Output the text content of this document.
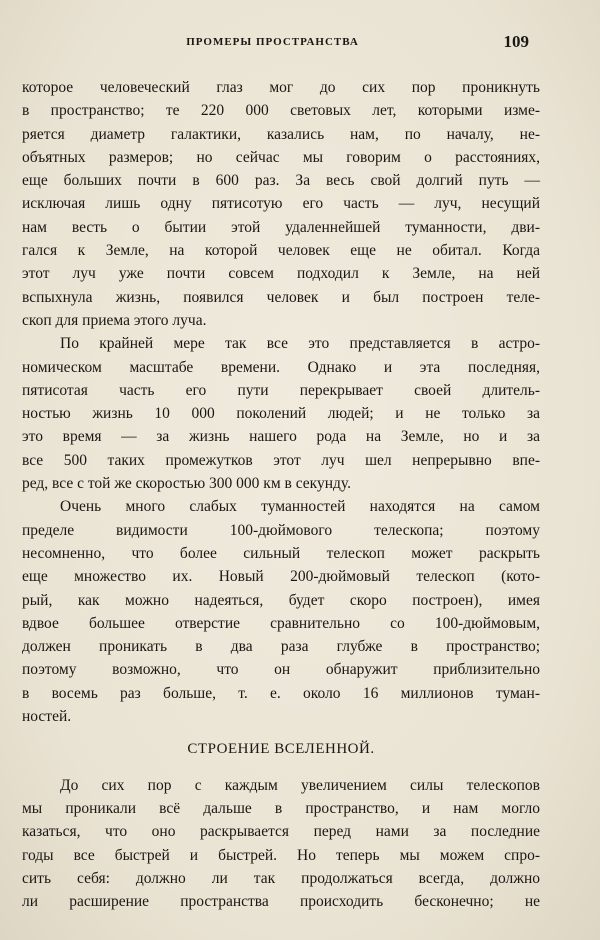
ПРОМЕРЫ ПРОСТРАНСТВА	109
которое человеческий глаз мог до сих пор проникнуть
в пространство; те 220 000 световых лет, которыми изме-
ряется диаметр галактики, казались нам, по началу, не-
объятных размеров; но сейчас мы говорим о расстояниях,
еще больших почти в 600 раз. За весь свой долгий путь —
исключая лишь одну пятисотую его часть — луч, несущий
нам весть о бытии этой удаленнейшей туманности, дви-
гался к Земле, на которой человек еще не обитал. Когда
этот луч уже почти совсем подходил к Земле, на ней
вспыхнула жизнь, появился человек и был построен теле-
скоп для приема этого луча.
По крайней мере так все это представляется в астро-
номическом масштабе времени. Однако и эта последняя,
пятисотая часть его пути перекрывает своей длитель-
ностью жизнь 10 000 поколений людей; и не только за
это время — за жизнь нашего рода на Земле, но и за
все 500 таких промежутков этот луч шел непрерывно впе-
ред, все с той же скоростью 300 000 км в секунду.
Очень много слабых туманностей находятся на самом
пределе видимости 100-дюймового телескопа; поэтому
несомненно, что более сильный телескоп может раскрыть
еще множество их. Новый 200-дюймовый телескоп (кото-
рый, как можно надеяться, будет скоро построен), имея
вдвое большее отверстие сравнительно со 100-дюймовым,
должен проникать в два раза глубже в пространство;
поэтому возможно, что он обнаружит приблизительно
в восемь раз больше, т. е. около 16 миллионов туман-
ностей.
СТРОЕНИЕ ВСЕЛЕННОЙ.
До сих пор с каждым увеличением силы телескопов
мы проникали всё дальше в пространство, и нам могло
казаться, что оно раскрывается перед нами за последние
годы все быстрей и быстрей. Но теперь мы можем спро-
сить себя: должно ли так продолжаться всегда, должно
ли расширение пространства происходить бесконечно; не
